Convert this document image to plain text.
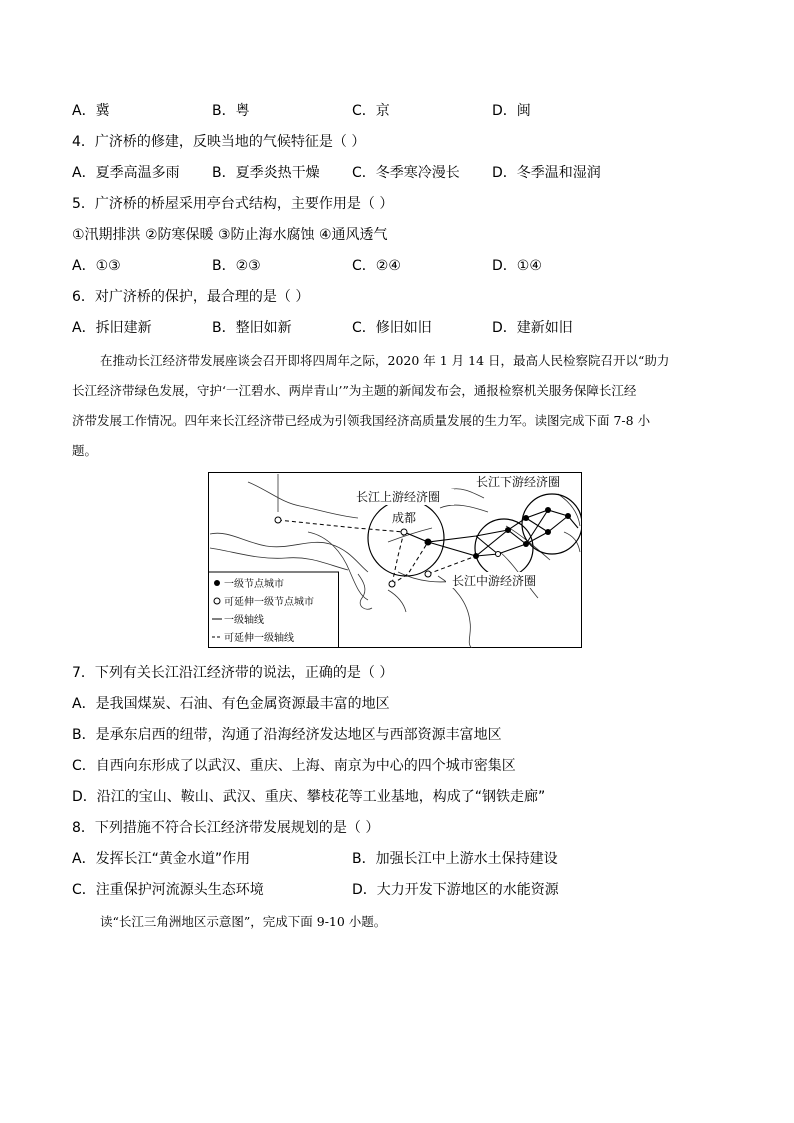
A．冀	B．粤	C．京	D．闽
4．广济桥的修建，反映当地的气候特征是（ ）
A．夏季高温多雨 B．夏季炎热干燥 C．冬季寒冷漫长 D．冬季温和湿润
5．广济桥的桥屋采用亭台式结构，主要作用是（ ）
①汛期排洪 ②防寒保暖 ③防止海水腐蚀 ④通风透气
A．①③	B．②③	C．②④	D．①④
6．对广济桥的保护，最合理的是（ ）
A．拆旧建新	B．整旧如新	C．修旧如旧	D．建新如旧

在推动长江经济带发展座谈会召开即将四周年之际，2020 年 1 月 14 日，最高人民检察院召开以“助力

长江经济带绿色发展，守护‘一江碧水、两岸青山’”为主题的新闻发布会，通报检察机关服务保障长江经

济带发展工作情况。四年来长江经济带已经成为引领我国经济高质量发展的生力军。读图完成下面 7-8 小

题。

长江下游经济圈
长江上游经济圈
成都
长江中游经济圈
一级节点城市
可延伸一级节点城市
一级轴线
可延伸一级轴线
7．下列有关长江沿江经济带的说法，正确的是（ ）
A．是我国煤炭、石油、有色金属资源最丰富的地区
B．是承东启西的纽带，沟通了沿海经济发达地区与西部资源丰富地区
C．自西向东形成了以武汉、重庆、上海、南京为中心的四个城市密集区
D．沿江的宝山、鞍山、武汉、重庆、攀枝花等工业基地，构成了“钢铁走廊”
8．下列措施不符合长江经济带发展规划的是（ ）
A．发挥长江“黄金水道”作用	B．加强长江中上游水土保持建设
C．注重保护河流源头生态环境	D．大力开发下游地区的水能资源
读“长江三角洲地区示意图”，完成下面 9-10 小题。
